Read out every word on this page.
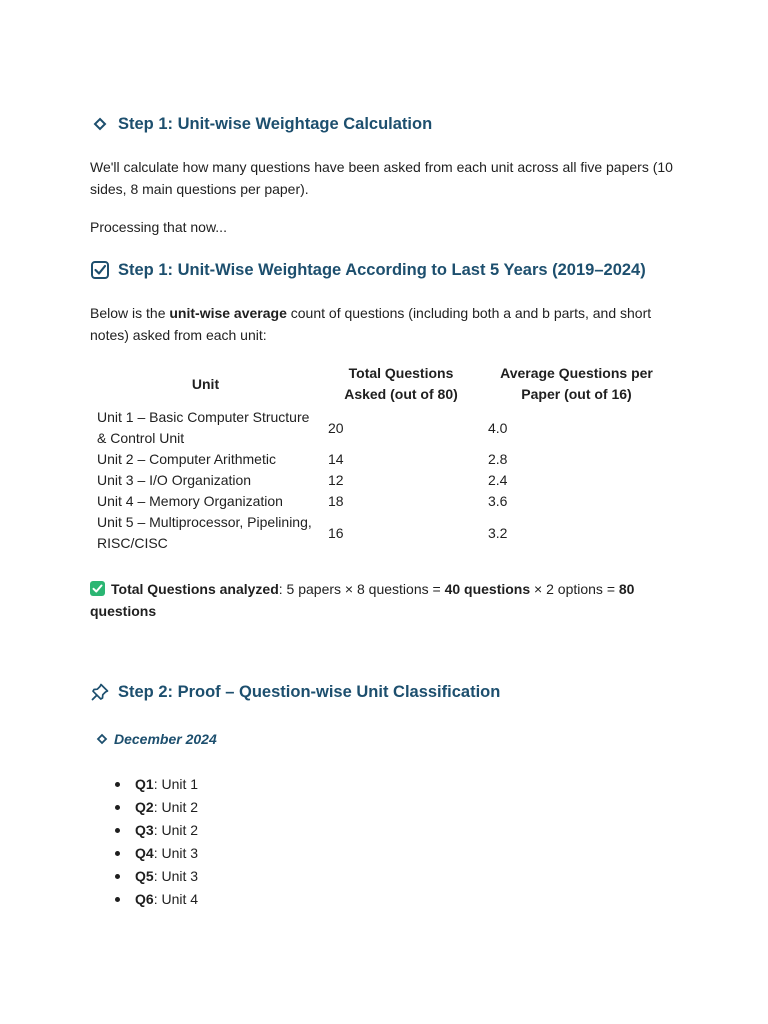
Step 1: Unit-wise Weightage Calculation
We'll calculate how many questions have been asked from each unit across all five papers (10 sides, 8 main questions per paper).
Processing that now...
Step 1: Unit-Wise Weightage According to Last 5 Years (2019–2024)
Below is the unit-wise average count of questions (including both a and b parts, and short notes) asked from each unit:
Unit	Total Questions Asked (out of 80)	Average Questions per Paper (out of 16)
Unit 1 – Basic Computer Structure & Control Unit	20	4.0
Unit 2 – Computer Arithmetic	14	2.8
Unit 3 – I/O Organization	12	2.4
Unit 4 – Memory Organization	18	3.6
Unit 5 – Multiprocessor, Pipelining, RISC/CISC	16	3.2
Total Questions analyzed: 5 papers × 8 questions = 40 questions × 2 options = 80 questions
Step 2: Proof – Question-wise Unit Classification
December 2024
Q1: Unit 1
Q2: Unit 2
Q3: Unit 2
Q4: Unit 3
Q5: Unit 3
Q6: Unit 4
